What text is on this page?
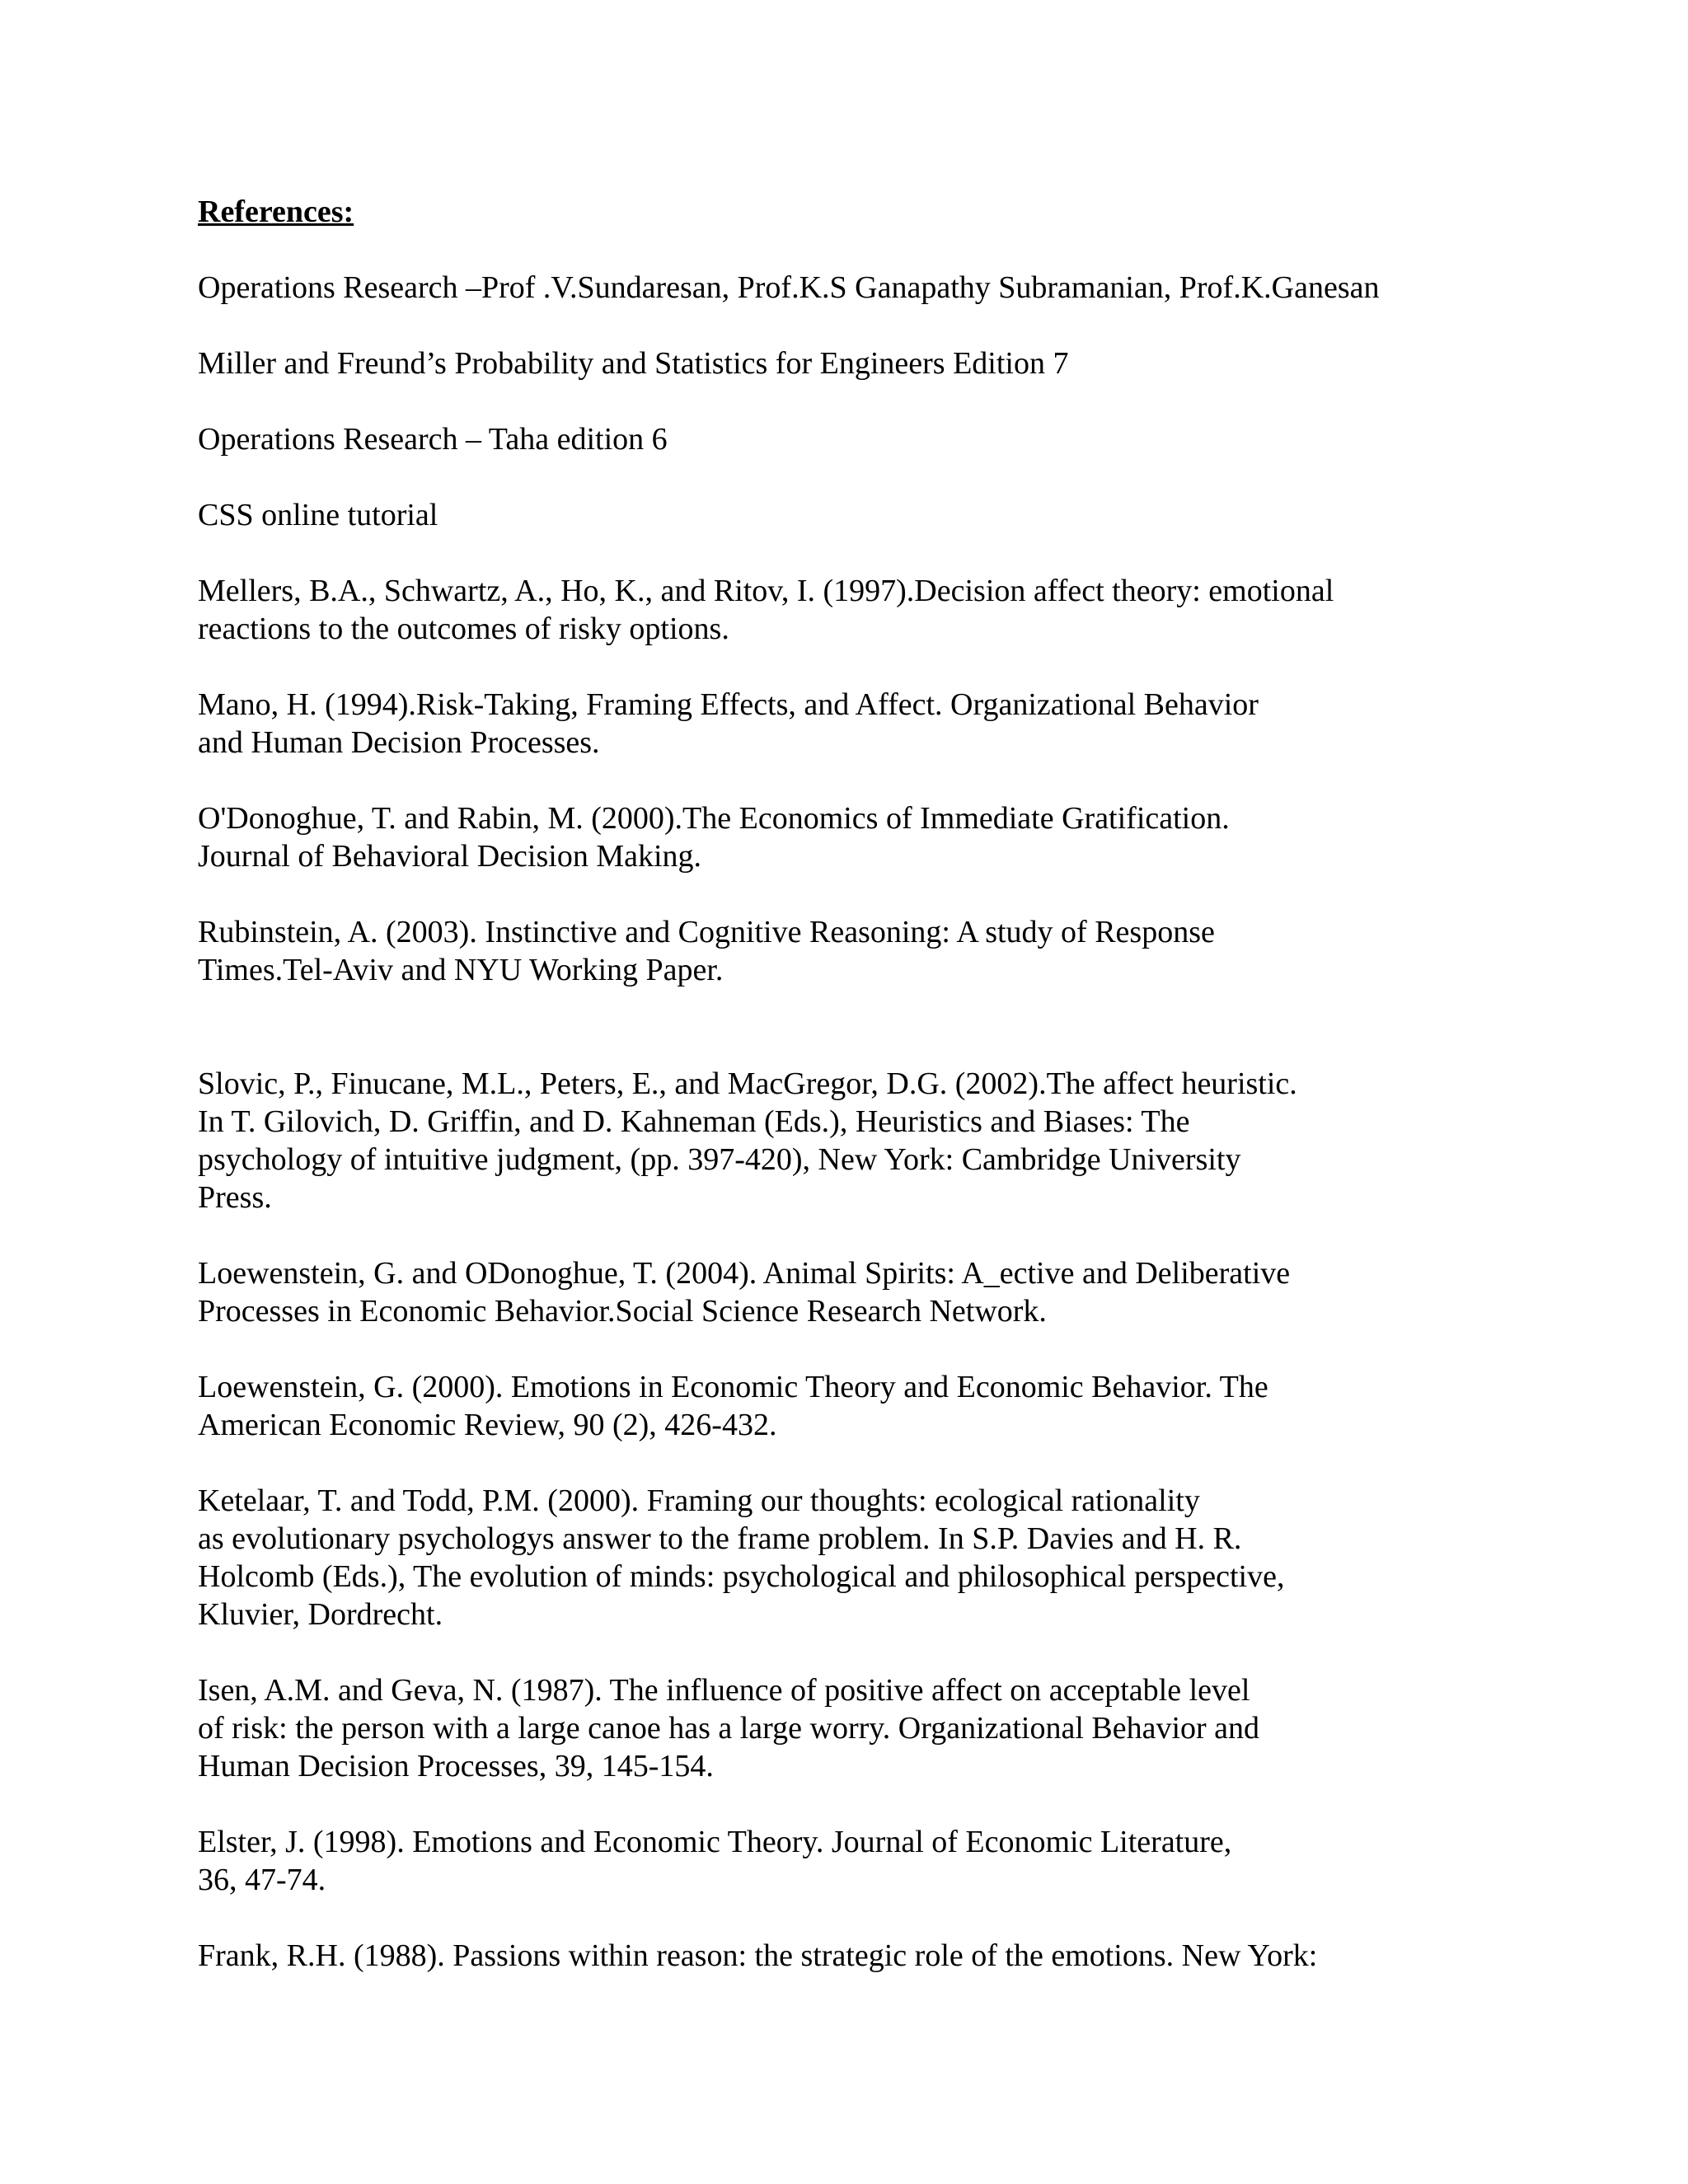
References:
Operations Research –Prof .V.Sundaresan, Prof.K.S Ganapathy Subramanian, Prof.K.Ganesan
Miller and Freund’s Probability and Statistics for Engineers Edition 7
Operations Research – Taha edition 6
CSS online tutorial
Mellers, B.A., Schwartz, A., Ho, K., and Ritov, I. (1997).Decision affect theory: emotional
reactions to the outcomes of risky options.
Mano, H. (1994).Risk-Taking, Framing Effects, and Affect. Organizational Behavior
and Human Decision Processes.
O'Donoghue, T. and Rabin, M. (2000).The Economics of Immediate Gratification.
Journal of Behavioral Decision Making.
Rubinstein, A. (2003). Instinctive and Cognitive Reasoning: A study of Response
Times.Tel-Aviv and NYU Working Paper.
Slovic, P., Finucane, M.L., Peters, E., and MacGregor, D.G. (2002).The affect heuristic.
In T. Gilovich, D. Griffin, and D. Kahneman (Eds.), Heuristics and Biases: The
psychology of intuitive judgment, (pp. 397-420), New York: Cambridge University
Press.
Loewenstein, G. and ODonoghue, T. (2004). Animal Spirits: A_ective and Deliberative
Processes in Economic Behavior.Social Science Research Network.
Loewenstein, G. (2000). Emotions in Economic Theory and Economic Behavior. The
American Economic Review, 90 (2), 426-432.
Ketelaar, T. and Todd, P.M. (2000). Framing our thoughts: ecological rationality
as evolutionary psychologys answer to the frame problem. In S.P. Davies and H. R.
Holcomb (Eds.), The evolution of minds: psychological and philosophical perspective,
Kluvier, Dordrecht.
Isen, A.M. and Geva, N. (1987). The influence of positive affect on acceptable level
of risk: the person with a large canoe has a large worry. Organizational Behavior and
Human Decision Processes, 39, 145-154.
Elster, J. (1998). Emotions and Economic Theory. Journal of Economic Literature,
36, 47-74.
Frank, R.H. (1988). Passions within reason: the strategic role of the emotions. New York:
